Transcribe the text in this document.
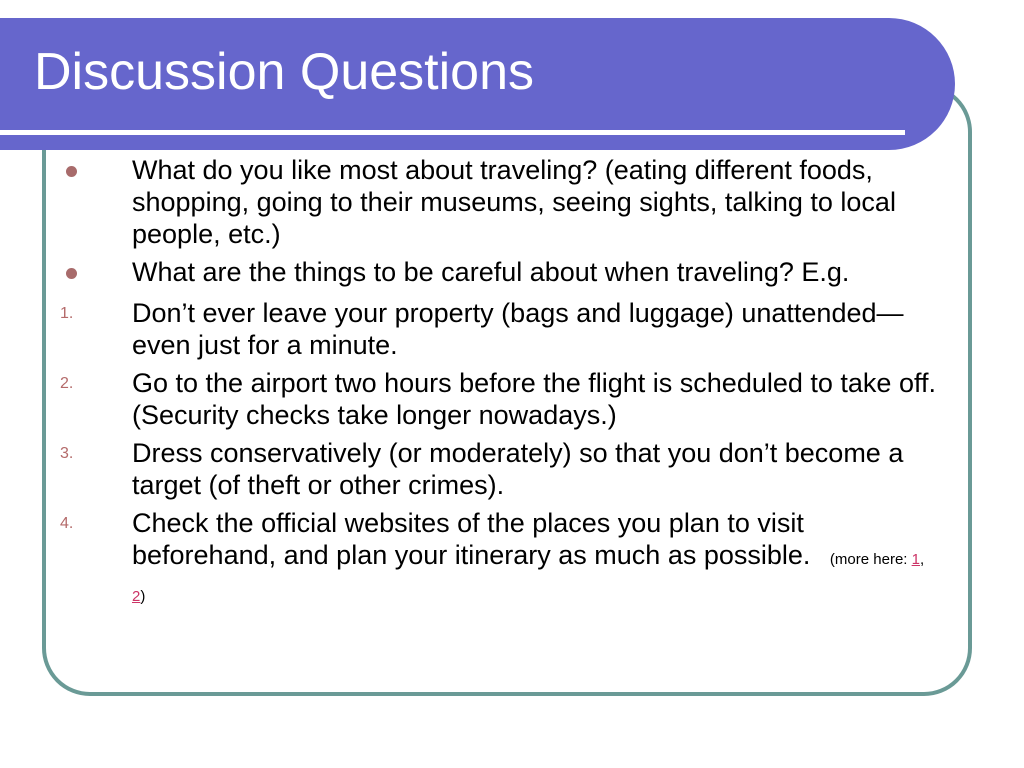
Discussion Questions
What do you like most about traveling? (eating different foods, shopping, going to their museums, seeing sights, talking to local people, etc.)
What are the things to be careful about when traveling? E.g.
1.	Don’t ever leave your property (bags and luggage) unattended—even just for a minute.
2.	Go to the airport two hours before the flight is scheduled to take off. (Security checks take longer nowadays.)
3.	Dress conservatively (or moderately) so that you don’t become a target (of theft or other crimes).
4.	Check the official websites of the places you plan to visit beforehand, and plan your itinerary as much as possible. (more here: 1, 2)
